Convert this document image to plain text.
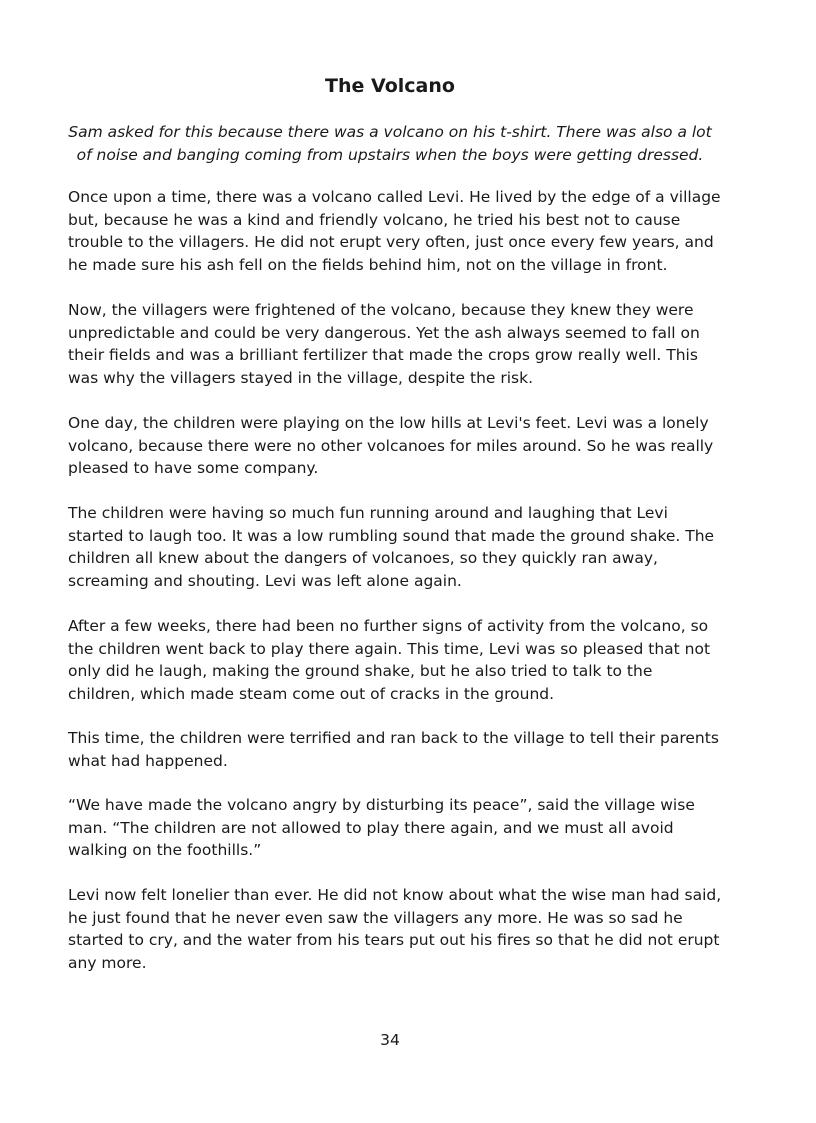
The Volcano

Sam asked for this because there was a volcano on his t-shirt. There was also a lot of noise and banging coming from upstairs when the boys were getting dressed.

Once upon a time, there was a volcano called Levi. He lived by the edge of a village but, because he was a kind and friendly volcano, he tried his best not to cause trouble to the villagers. He did not erupt very often, just once every few years, and he made sure his ash fell on the fields behind him, not on the village in front.

Now, the villagers were frightened of the volcano, because they knew they were unpredictable and could be very dangerous. Yet the ash always seemed to fall on their fields and was a brilliant fertilizer that made the crops grow really well. This was why the villagers stayed in the village, despite the risk.

One day, the children were playing on the low hills at Levi's feet. Levi was a lonely volcano, because there were no other volcanoes for miles around. So he was really pleased to have some company.

The children were having so much fun running around and laughing that Levi started to laugh too. It was a low rumbling sound that made the ground shake. The children all knew about the dangers of volcanoes, so they quickly ran away, screaming and shouting. Levi was left alone again.

After a few weeks, there had been no further signs of activity from the volcano, so the children went back to play there again. This time, Levi was so pleased that not only did he laugh, making the ground shake, but he also tried to talk to the children, which made steam come out of cracks in the ground.

This time, the children were terrified and ran back to the village to tell their parents what had happened.

“We have made the volcano angry by disturbing its peace”, said the village wise man. “The children are not allowed to play there again, and we must all avoid walking on the foothills.”

Levi now felt lonelier than ever. He did not know about what the wise man had said, he just found that he never even saw the villagers any more. He was so sad he started to cry, and the water from his tears put out his fires so that he did not erupt any more.

34
